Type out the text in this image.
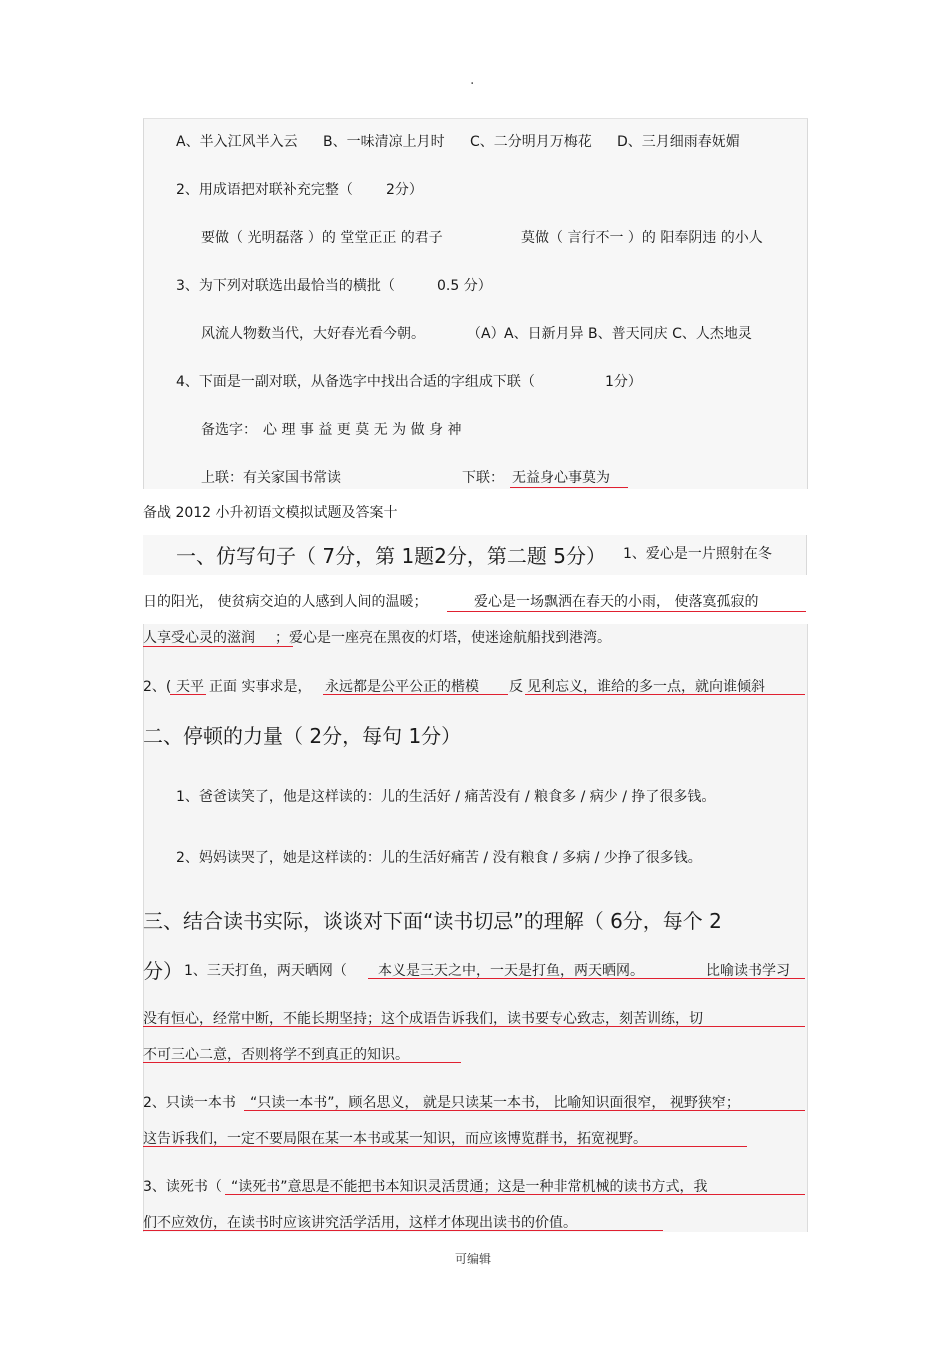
.
A、半入江风半入云 B、一味清凉上月时 C、二分明月万梅花 D、三月细雨春妩媚
2、用成语把对联补充完整（ 2分）
要做（ 光明磊落 ）的 堂堂正正 的君子	莫做（ 言行不一 ）的 阳奉阴违 的小人
3、为下列对联选出最恰当的横批（	0.5 分）
风流人物数当代，大好春光看今朝。	（A） A、日新月异 B、普天同庆 C、人杰地灵
4、下面是一副对联，从备选字中找出合适的字组成下联（	1分）
备选字： 心 理 事 益 更 莫 无 为 做 身 神
上联：有关家国书常读	下联： 无益身心事莫为
备战 2012 小升初语文模拟试题及答案十
一、仿写句子（ 7分，第 1题2分，第二题 5分） 1、爱心是一片照射在冬
日的阳光， 使贫病交迫的人感到人间的温暖；	爱心是一场飘洒在春天的小雨， 使落寞孤寂的
人享受心灵的滋润 ；爱心是一座亮在黑夜的灯塔，使迷途航船找到港湾。
2、( 天平 正面 实事求是， 永远都是公平公正的楷模 反 见利忘义，谁给的多一点，就向谁倾斜
二、停顿的力量（ 2分，每句 1分）
1、爸爸读笑了，他是这样读的：儿的生活好 / 痛苦没有 / 粮食多 / 病少 / 挣了很多钱。
2、妈妈读哭了，她是这样读的：儿的生活好痛苦 / 没有粮食 / 多病 / 少挣了很多钱。
三、结合读书实际，谈谈对下面“读书切忌”的理解（ 6分，每个 2
分） 1、三天打鱼，两天晒网（ 本义是三天之中，一天是打鱼，两天晒网。	比喻读书学习
没有恒心，经常中断，不能长期坚持；这个成语告诉我们，读书要专心致志，刻苦训练，切
不可三心二意，否则将学不到真正的知识。
2、只读一本书 “只读一本书”，顾名思义， 就是只读某一本书， 比喻知识面很窄， 视野狭窄；
这告诉我们，一定不要局限在某一本书或某一知识，而应该博览群书，拓宽视野。
3、读死书（ “读死书”意思是不能把书本知识灵活贯通；这是一种非常机械的读书方式，我
们不应效仿，在读书时应该讲究活学活用，这样才体现出读书的价值。
可编辑
